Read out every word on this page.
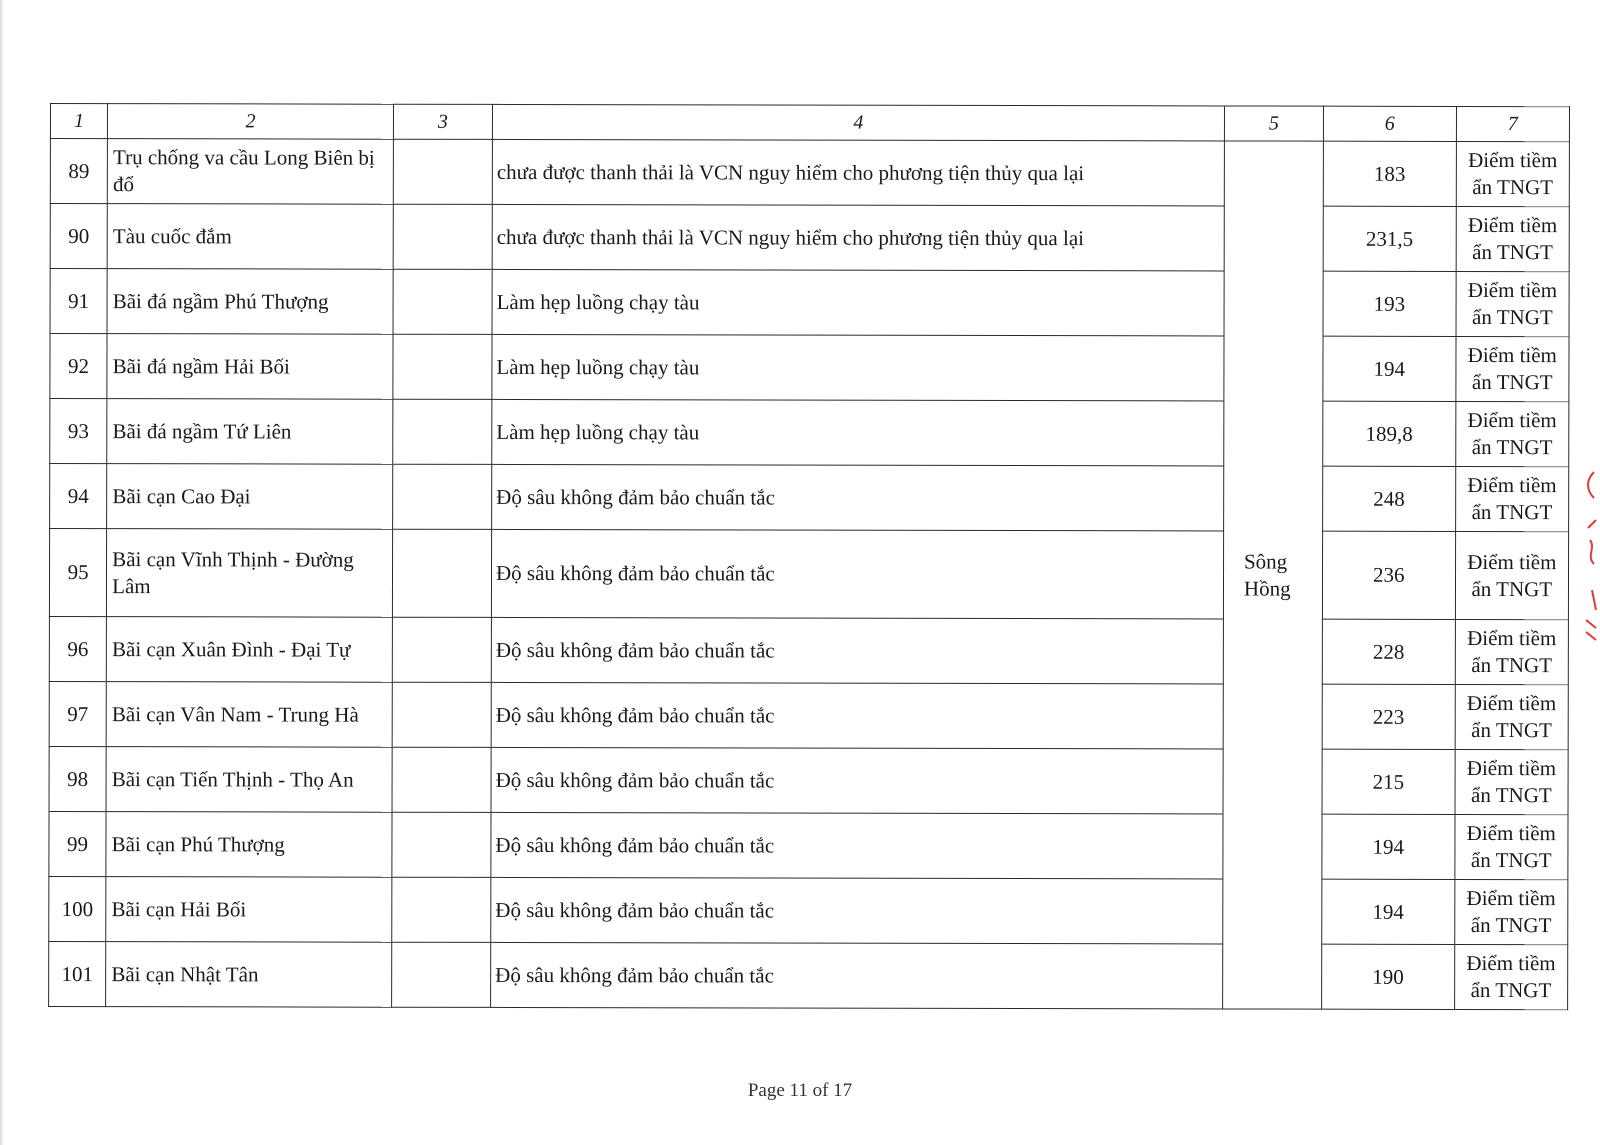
1	2	3	4	5	6	7
89	Trụ chống va cầu Long Biên bị đổ		chưa được thanh thải là VCN nguy hiểm cho phương tiện thủy qua lại	Sông Hồng	183	Điểm tiềm ẩn TNGT
90	Tàu cuốc đắm		chưa được thanh thải là VCN nguy hiểm cho phương tiện thủy qua lại		231,5	Điểm tiềm ẩn TNGT
91	Bãi đá ngầm Phú Thượng		Làm hẹp luồng chạy tàu		193	Điểm tiềm ẩn TNGT
92	Bãi đá ngầm Hải Bối		Làm hẹp luồng chạy tàu		194	Điểm tiềm ẩn TNGT
93	Bãi đá ngầm Tứ Liên		Làm hẹp luồng chạy tàu		189,8	Điểm tiềm ẩn TNGT
94	Bãi cạn Cao Đại		Độ sâu không đảm bảo chuẩn tắc		248	Điểm tiềm ẩn TNGT
95	Bãi cạn Vĩnh Thịnh - Đường Lâm		Độ sâu không đảm bảo chuẩn tắc		236	Điểm tiềm ẩn TNGT
96	Bãi cạn Xuân Đình - Đại Tự		Độ sâu không đảm bảo chuẩn tắc		228	Điểm tiềm ẩn TNGT
97	Bãi cạn Vân Nam - Trung Hà		Độ sâu không đảm bảo chuẩn tắc		223	Điểm tiềm ẩn TNGT
98	Bãi cạn Tiến Thịnh - Thọ An		Độ sâu không đảm bảo chuẩn tắc		215	Điểm tiềm ẩn TNGT
99	Bãi cạn Phú Thượng		Độ sâu không đảm bảo chuẩn tắc		194	Điểm tiềm ẩn TNGT
100	Bãi cạn Hải Bối		Độ sâu không đảm bảo chuẩn tắc		194	Điểm tiềm ẩn TNGT
101	Bãi cạn Nhật Tân		Độ sâu không đảm bảo chuẩn tắc		190	Điểm tiềm ẩn TNGT
Page 11 of 17
